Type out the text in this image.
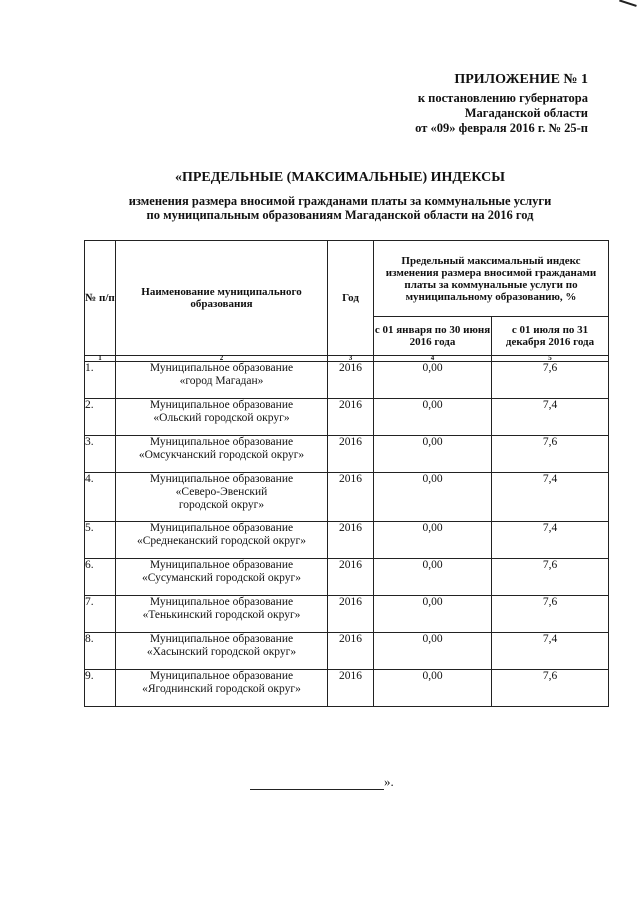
ПРИЛОЖЕНИЕ № 1
к постановлению губернатора
Магаданской области
от «09» февраля 2016 г. № 25-п
«ПРЕДЕЛЬНЫЕ (МАКСИМАЛЬНЫЕ) ИНДЕКСЫ
изменения размера вносимой гражданами платы за коммунальные услуги
по муниципальным образованиям Магаданской области на 2016 год
№ п/п	Наименование муниципального образования	Год	Предельный максимальный индекс изменения размера вносимой гражданами платы за коммунальные услуги по муниципальному образованию, %	
			с 01 января по 30 июня 2016 года	с 01 июля по 31 декабря 2016 года
1	2	3	4	5
1.	Муниципальное образование
«город Магадан»	2016	0,00	7,6
2.	Муниципальное образование
«Ольский городской округ»	2016	0,00	7,4
3.	Муниципальное образование
«Омсукчанский городской округ»	2016	0,00	7,6
4.	Муниципальное образование
«Северо-Эвенский
городской округ»	2016	0,00	7,4
5.	Муниципальное образование
«Среднеканский городской округ»	2016	0,00	7,4
6.	Муниципальное образование
«Сусуманский городской округ»	2016	0,00	7,6
7.	Муниципальное образование
«Тенькинский городской округ»	2016	0,00	7,6
8.	Муниципальное образование
«Хасынский городской округ»	2016	0,00	7,4
9.	Муниципальное образование
«Ягоднинский городской округ»	2016	0,00	7,6
».
